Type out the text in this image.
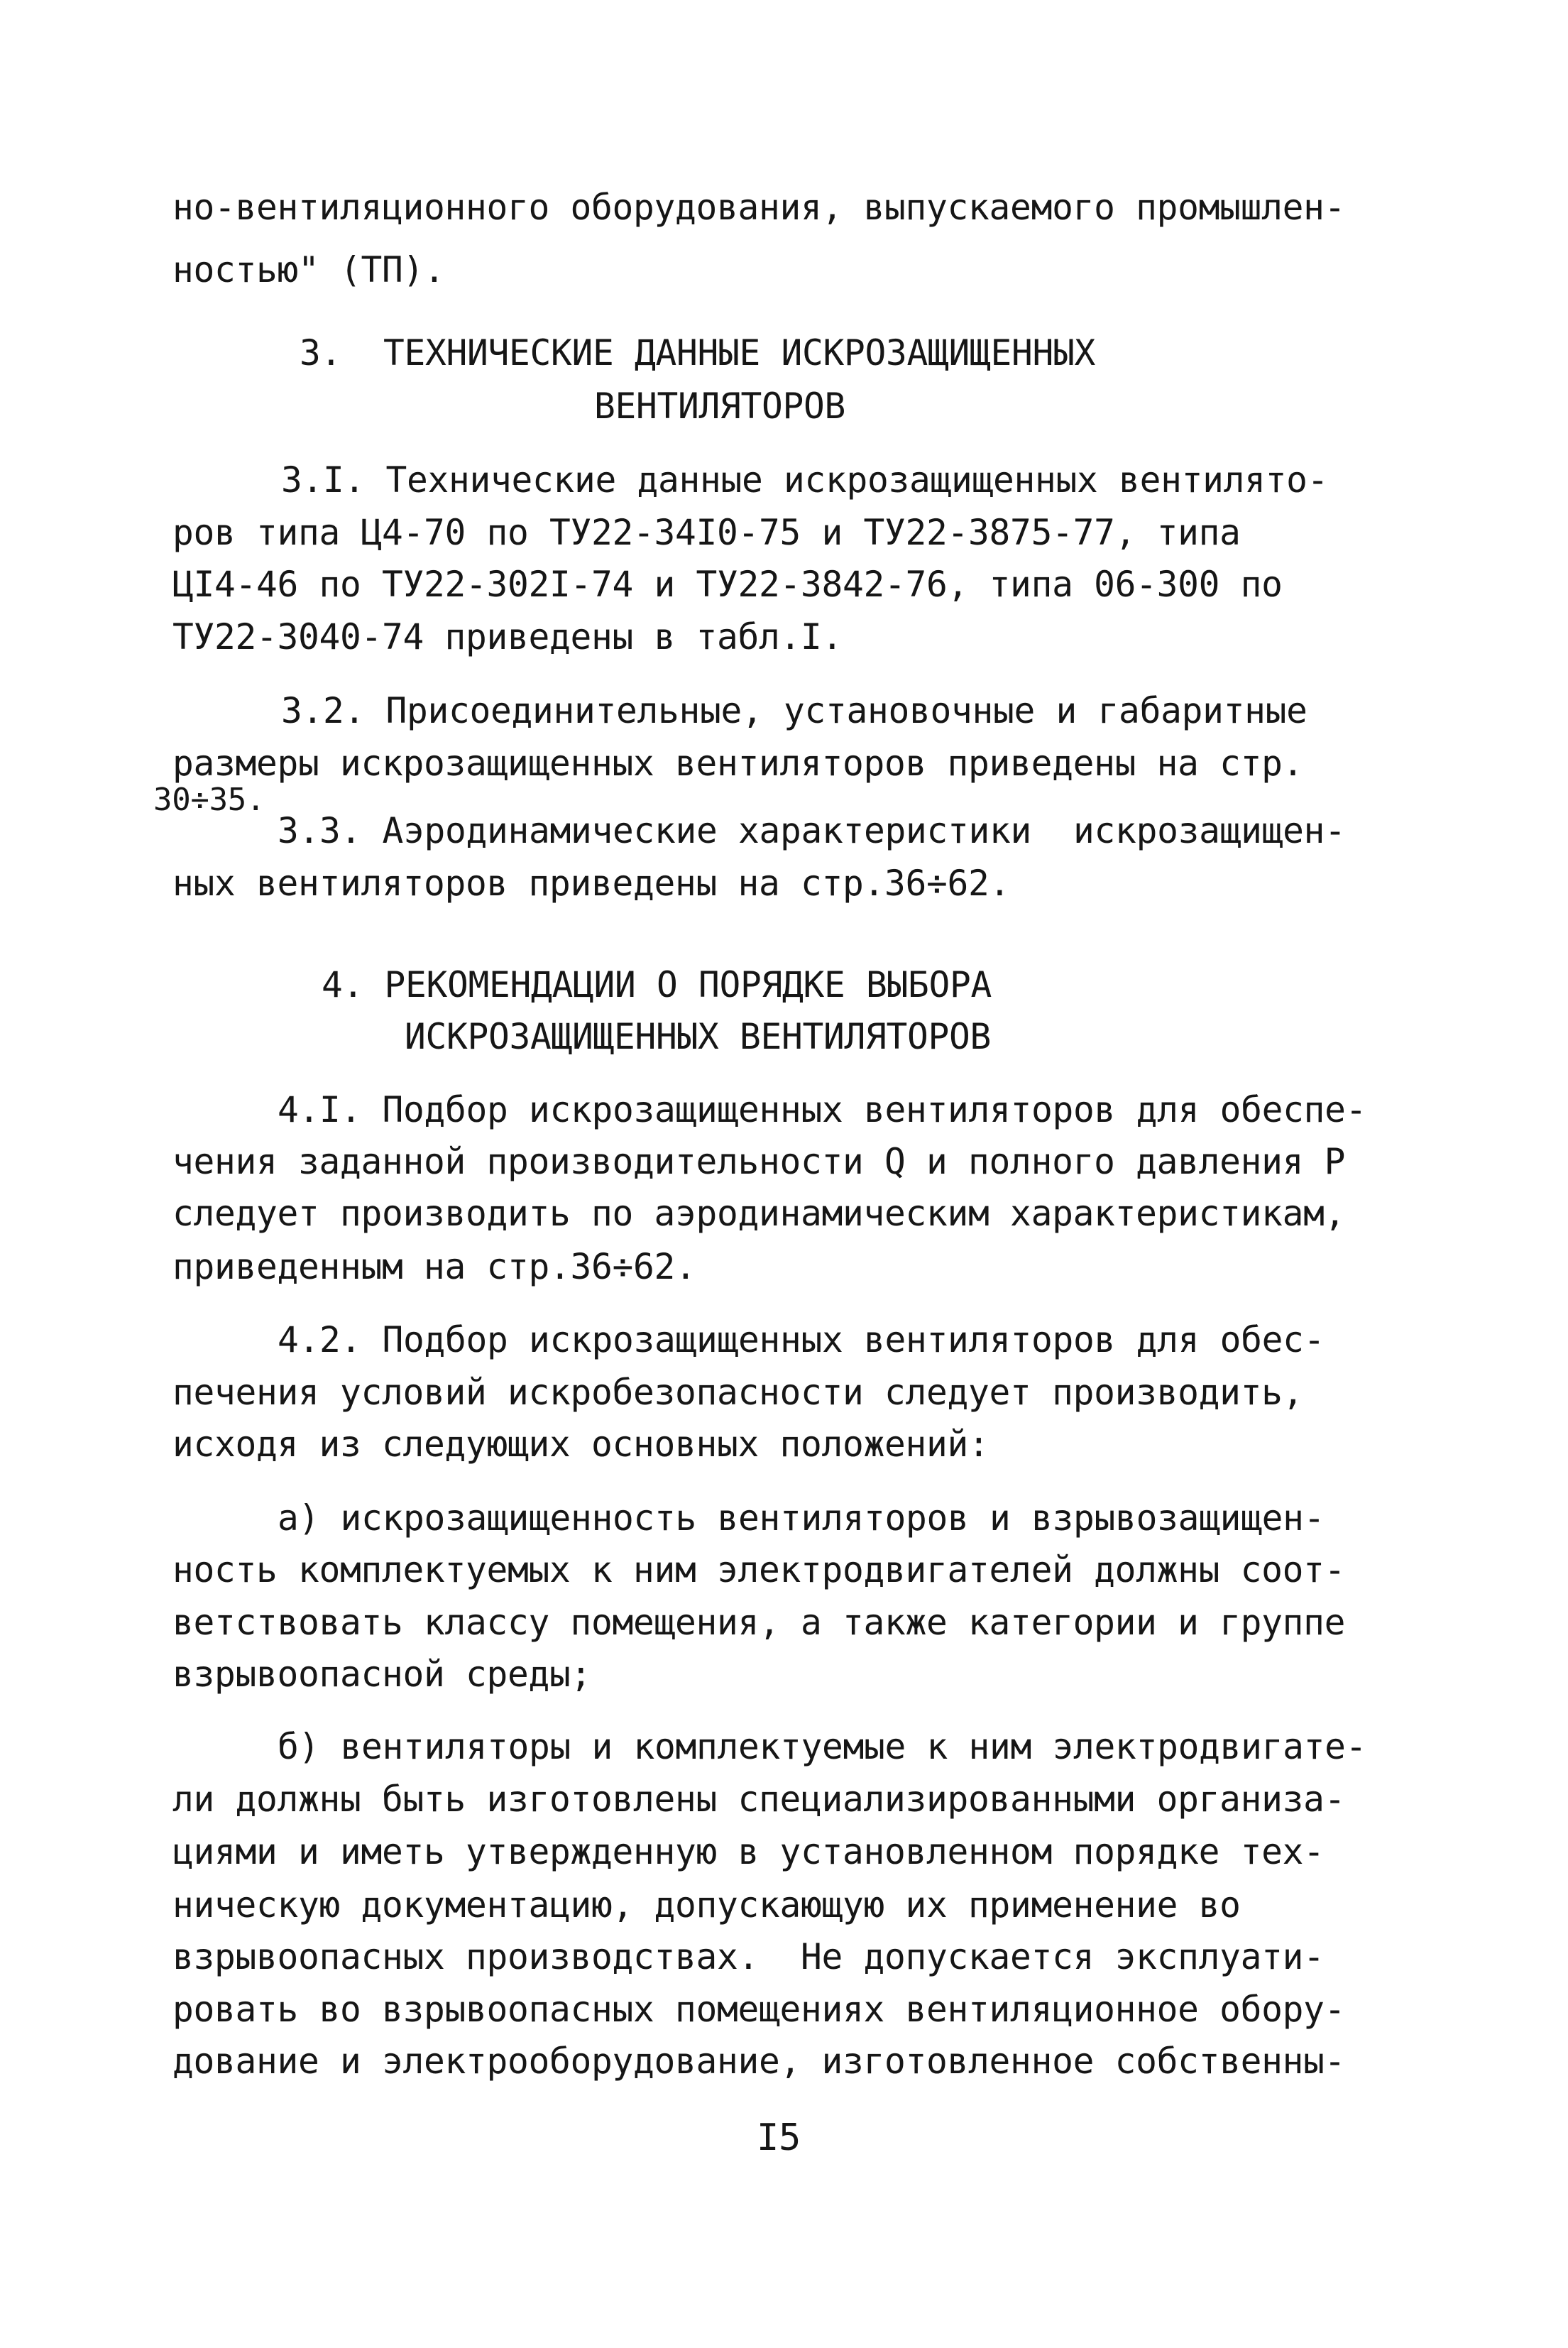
но-вентиляционного оборудования, выпускаемого промышлен-
ностью" (ТП).
3.  ТЕХНИЧЕСКИЕ ДАННЫЕ ИСКРОЗАЩИЩЕННЫХ
ВЕНТИЛЯТОРОВ
3.I. Технические данные искрозащищенных вентилято-
ров типа Ц4-70 по ТУ22-34I0-75 и ТУ22-3875-77, типа
ЦI4-46 по ТУ22-302I-74 и ТУ22-3842-76, типа 06-300 по
ТУ22-3040-74 приведены в табл.I.
3.2. Присоединительные, установочные и габаритные
размеры искрозащищенных вентиляторов приведены на стр.
30÷35.
3.3. Аэродинамические характеристики  искрозащищен-
ных вентиляторов приведены на стр.36÷62.
4. РЕКОМЕНДАЦИИ О ПОРЯДКЕ ВЫБОРА
ИСКРОЗАЩИЩЕННЫХ ВЕНТИЛЯТОРОВ
4.I. Подбор искрозащищенных вентиляторов для обеспе-
чения заданной производительности Q и полного давления P
следует производить по аэродинамическим характеристикам,
приведенным на стр.36÷62.
4.2. Подбор искрозащищенных вентиляторов для обес-
печения условий искробезопасности следует производить,
исходя из следующих основных положений:
а) искрозащищенность вентиляторов и взрывозащищен-
ность комплектуемых к ним электродвигателей должны соот-
ветствовать классу помещения, а также категории и группе
взрывоопасной среды;
б) вентиляторы и комплектуемые к ним электродвигате-
ли должны быть изготовлены специализированными организа-
циями и иметь утвержденную в установленном порядке тех-
ническую документацию, допускающую их применение во
взрывоопасных производствах.  Не допускается эксплуати-
ровать во взрывоопасных помещениях вентиляционное обору-
дование и электрооборудование, изготовленное собственны-
I5
